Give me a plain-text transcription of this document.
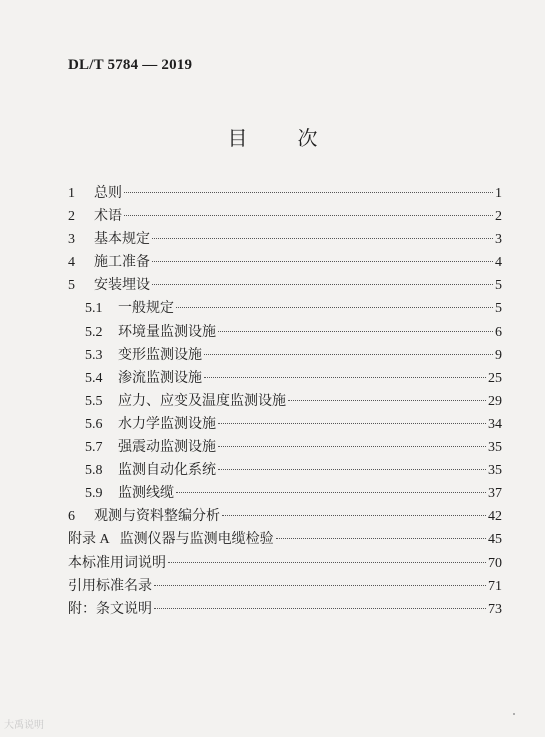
DL/T 5784 — 2019
目	次
1	总则	1
2	术语	2
3	基本规定	3
4	施工准备	4
5	安装埋设	5
5.1	一般规定	5
5.2	环境量监测设施	6
5.3	变形监测设施	9
5.4	渗流监测设施	25
5.5	应力、应变及温度监测设施	29
5.6	水力学监测设施	34
5.7	强震动监测设施	35
5.8	监测自动化系统	35
5.9	监测线缆	37
6	观测与资料整编分析	42
附录 A 监测仪器与监测电缆检验	45
本标准用词说明	70
引用标准名录	71
附：条文说明	73
大禹说明
